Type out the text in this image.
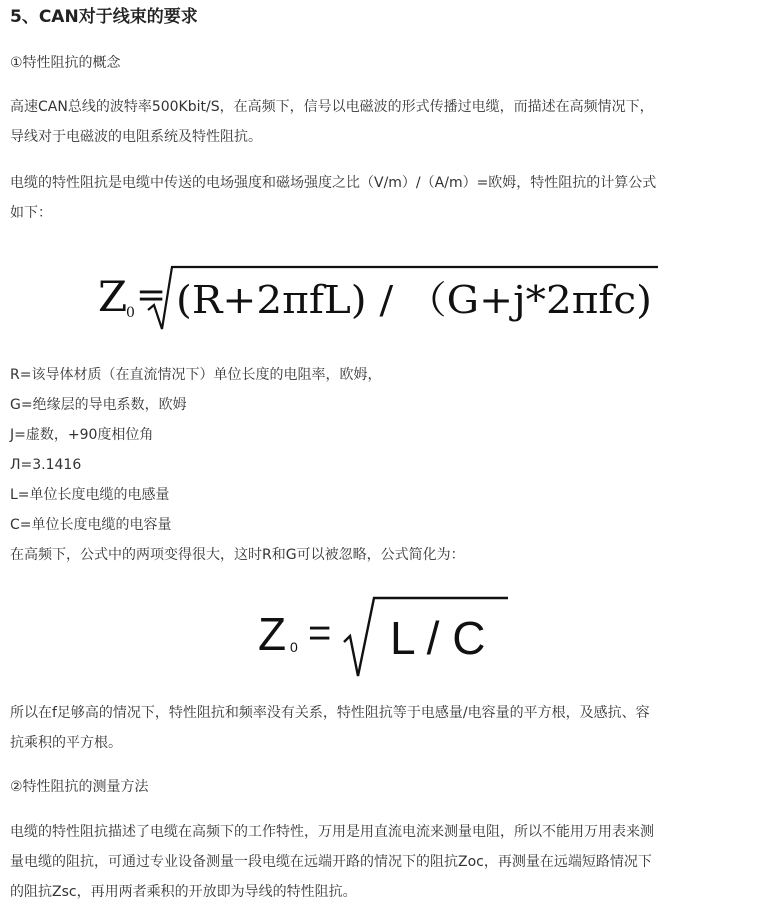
5、CAN对于线束的要求
①特性阻抗的概念
高速CAN总线的波特率500Kbit/S，在高频下，信号以电磁波的形式传播过电缆，而描述在高频情况下，
导线对于电磁波的电阻系统及特性阻抗。
电缆的特性阻抗是电缆中传送的电场强度和磁场强度之比（V/m）/（A/m）=欧姆，特性阻抗的计算公式
如下：
Z
0 = (R+2πfL) / （G+j*2πfc)
R=该导体材质（在直流情况下）单位长度的电阻率，欧姆，
G=绝缘层的导电系数，欧姆
J=虚数，+90度相位角
Л=3.1416
L=单位长度电缆的电感量
C=单位长度电缆的电容量
在高频下，公式中的两项变得很大，这时R和G可以被忽略，公式简化为：
Z 0 = L / C
所以在f足够高的情况下，特性阻抗和频率没有关系，特性阻抗等于电感量/电容量的平方根，及感抗、容
抗乘积的平方根。
②特性阻抗的测量方法
电缆的特性阻抗描述了电缆在高频下的工作特性，万用是用直流电流来测量电阻，所以不能用万用表来测
量电缆的阻抗，可通过专业设备测量一段电缆在远端开路的情况下的阻抗Zoc，再测量在远端短路情况下
的阻抗Zsc，再用两者乘积的开放即为导线的特性阻抗。
